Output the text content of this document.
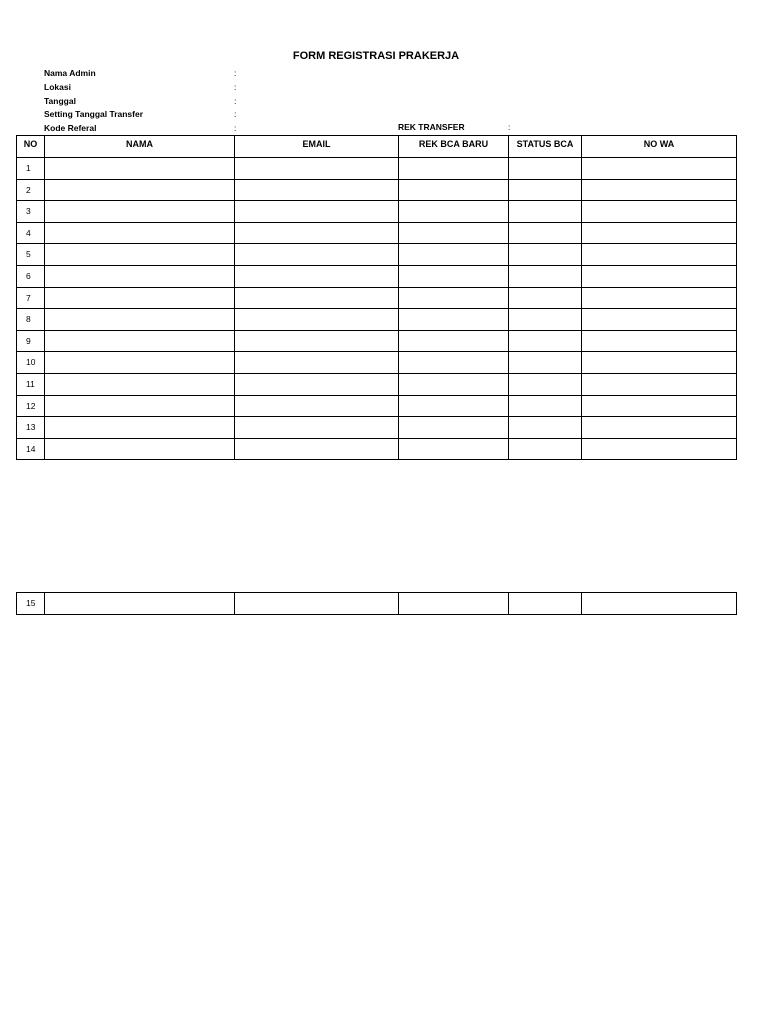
FORM REGISTRASI PRAKERJA
Nama Admin	:
Lokasi	:
Tanggal	:
Setting Tanggal Transfer	:
Kode Referal	:	REK TRANSFER	:
NO	NAMA	EMAIL	REK BCA BARU	STATUS BCA	NO WA
1					
2					
3					
4					
5					
6					
7					
8					
9					
10					
11					
12					
13					
14					
15					
